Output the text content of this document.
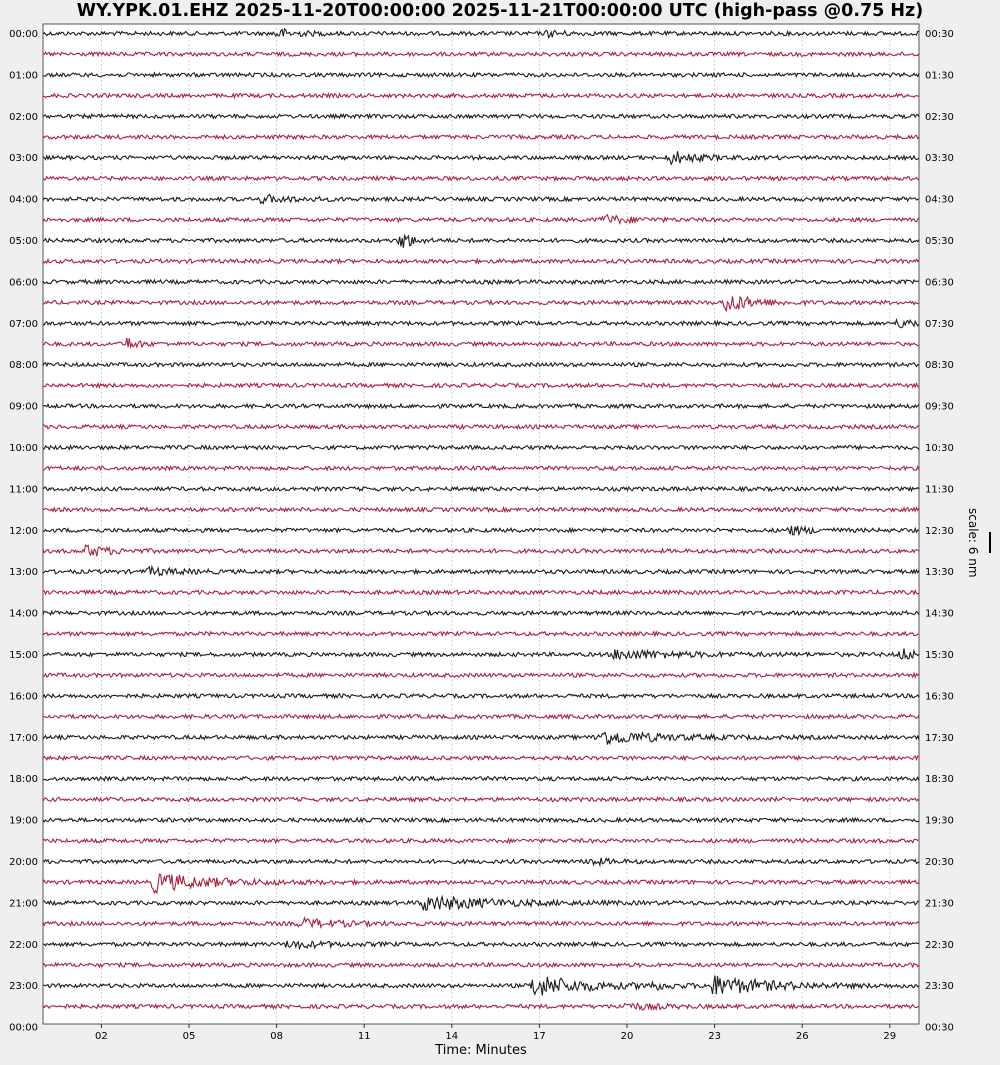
WY.YPK.01.EHZ 2025-11-20T00:00:00 2025-11-21T00:00:00 UTC (high-pass @0.75 Hz)
00:00
01:00
02:00
03:00
04:00
05:00
06:00
07:00
08:00
09:00
10:00
11:00
12:00
13:00
14:00
15:00
16:00
17:00
18:00
19:00
20:00
21:00
22:00
23:00
00:00
00:30
01:30
02:30
03:30
04:30
05:30
06:30
07:30
08:30
09:30
10:30
11:30
12:30
13:30
14:30
15:30
16:30
17:30
18:30
19:30
20:30
21:30
22:30
23:30
00:30
02	05	08	11	14	17	20	23	26	29
Time: Minutes
scale: 6 nm
